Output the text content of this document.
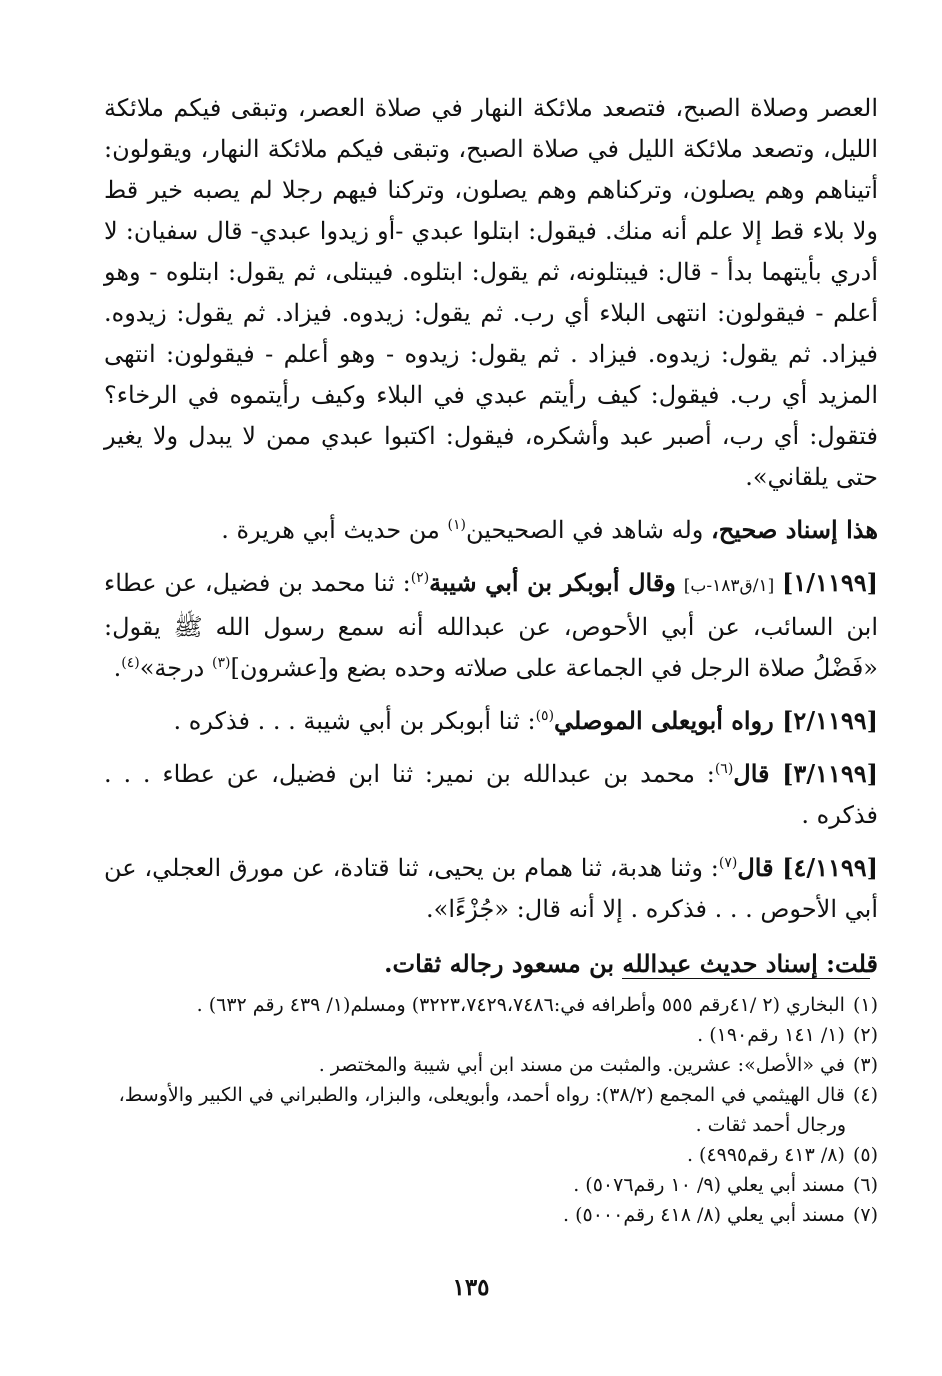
العصر وصلاة الصبح، فتصعد ملائكة النهار في صلاة العصر، وتبقى فيكم ملائكة الليل، وتصعد ملائكة الليل في صلاة الصبح، وتبقى فيكم ملائكة النهار، ويقولون: أتيناهم وهم يصلون، وتركناهم وهم يصلون، وتركنا فيهم رجلا لم يصبه خير قط ولا بلاء قط إلا علم أنه منك. فيقول: ابتلوا عبدي -أو زيدوا عبدي- قال سفيان: لا أدري بأيتهما بدأ - قال: فيبتلونه، ثم يقول: ابتلوه. فيبتلى، ثم يقول: ابتلوه - وهو أعلم - فيقولون: انتهى البلاء أي رب. ثم يقول: زيدوه. فيزاد. ثم يقول: زيدوه. فيزاد. ثم يقول: زيدوه. فيزاد . ثم يقول: زيدوه - وهو أعلم - فيقولون: انتهى المزيد أي رب. فيقول: كيف رأيتم عبدي في البلاء وكيف رأيتموه في الرخاء؟ فتقول: أي رب، أصبر عبد وأشكره، فيقول: اكتبوا عبدي ممن لا يبدل ولا يغير حتى يلقاني».

هذا إسناد صحيح، وله شاهد في الصحيحين$^{(١)}$ من حديث أبي هريرة .

[١/١١٩٩] [١/ق١٨٣-ب] وقال أبوبكر بن أبي شيبة$^{(٢)}$: ثنا محمد بن فضيل، عن عطاء ابن السائب، عن أبي الأحوص، عن عبدالله أنه سمع رسول الله ﷺ يقول: «فَضْلُ صلاة الرجل في الجماعة على صلاته وحده بضع و[عشرون]$^{(٣)}$ درجة»$^{(٤)}$.

[٢/١١٩٩] رواه أبويعلى الموصلي$^{(٥)}$: ثنا أبوبكر بن أبي شيبة . . . فذكره .

[٣/١١٩٩] قال$^{(٦)}$: محمد بن عبدالله بن نمير: ثنا ابن فضيل، عن عطاء . . . فذكره .

[٤/١١٩٩] قال$^{(٧)}$: وثنا هدبة، ثنا همام بن يحيى، ثنا قتادة، عن مورق العجلي، عن أبي الأحوص . . . فذكره . إلا أنه قال: «جُزْءًا».

قلت: إسناد حديث عبدالله بن مسعود رجاله ثقات.

(١)البخاري (٢ /٤١رقم ٥٥٥ وأطرافه في:٣٢٢٣،٧٤٢٩،٧٤٨٦) ومسلم(١/ ٤٣٩ رقم ٦٣٢) .

(٢)(١/ ١٤١ رقم١٩٠) .

(٣)في «الأصل»: عشرين. والمثبت من مسند ابن أبي شيبة والمختصر .

(٤)قال الهيثمي في المجمع (٣٨/٢): رواه أحمد، وأبويعلى، والبزار، والطبراني في الكبير والأوسط،

ورجال أحمد ثقات .

(٥)(٨/ ٤١٣ رقم٤٩٩٥) .

(٦)مسند أبي يعلي (٩/ ١٠ رقم٥٠٧٦) .

(٧)مسند أبي يعلي (٨/ ٤١٨ رقم٥٠٠٠) .

١٣٥
